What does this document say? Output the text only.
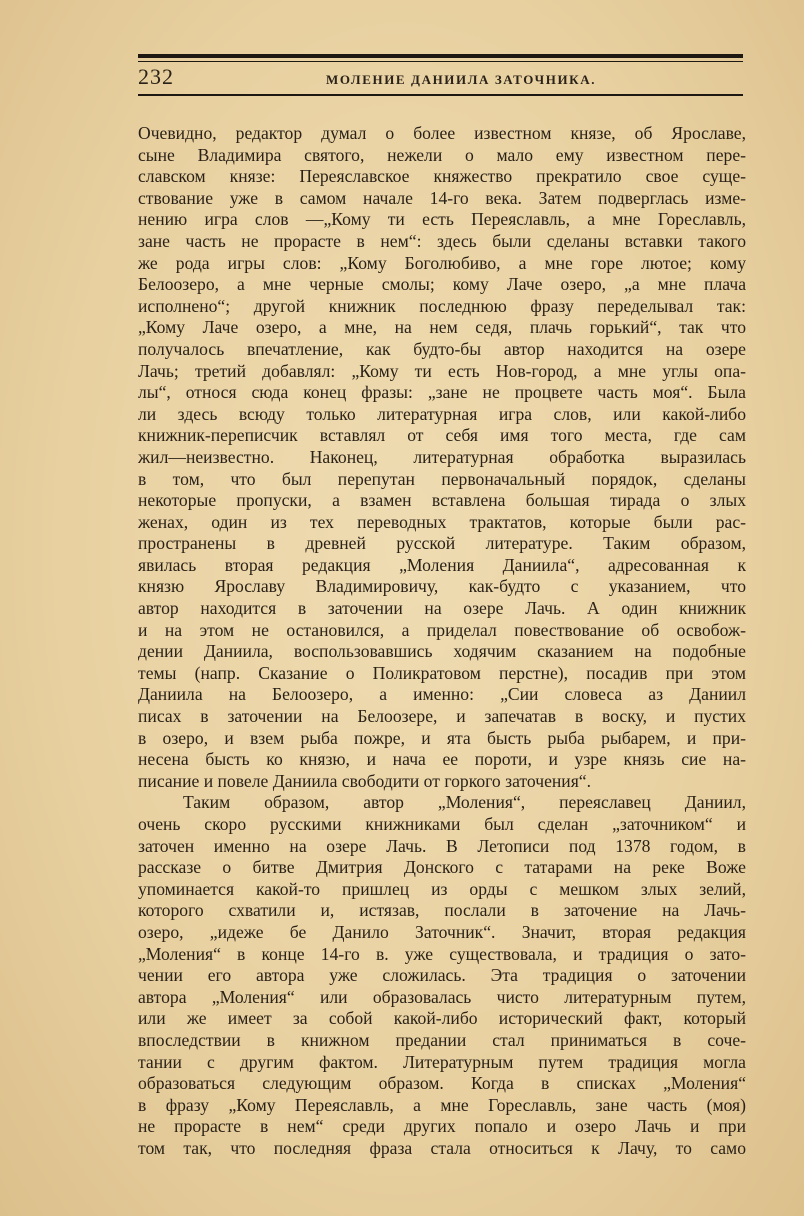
232	МОЛЕНИЕ ДАНИИЛА ЗАТОЧНИКА.
Очевидно, редактор думал о более известном князе, об Ярославе,
сыне Владимира святого, нежели о мало ему известном пере-
славском князе: Переяславское княжество прекратило свое суще-
ствование уже в самом начале 14-го века. Затем подверглась изме-
нению игра слов —„Кому ти есть Переяславль, а мне Гореславль,
зане часть не прорасте в нем“: здесь были сделаны вставки такого
же рода игры слов: „Кому Боголюбиво, а мне горе лютое; кому
Белоозеро, а мне черные смолы; кому Лаче озеро, „а мне плача
исполнено“; другой книжник последнюю фразу переделывал так:
„Кому Лаче озеро, а мне, на нем седя, плачь горький“, так что
получалось впечатление, как будто-бы автор находится на озере
Лачь; третий добавлял: „Кому ти есть Нов-город, а мне углы опа-
лы“, относя сюда конец фразы: „зане не процвете часть моя“. Была
ли здесь всюду только литературная игра слов, или какой-либо
книжник-переписчик вставлял от себя имя того места, где сам
жил—неизвестно. Наконец, литературная обработка выразилась
в том, что был перепутан первоначальный порядок, сделаны
некоторые пропуски, а взамен вставлена большая тирада о злых
женах, один из тех переводных трактатов, которые были рас-
пространены в древней русской литературе. Таким образом,
явилась вторая редакция „Моления Даниила“, адресованная к
князю Ярославу Владимировичу, как-будто с указанием, что
автор находится в заточении на озере Лачь. А один книжник
и на этом не остановился, а приделал повествование об освобож-
дении Даниила, воспользовавшись ходячим сказанием на подобные
темы (напр. Сказание о Поликратовом перстне), посадив при этом
Даниила на Белоозеро, а именно: „Сии словеса аз Даниил
писах в заточении на Белоозере, и запечатав в воску, и пустих
в озеро, и взем рыба пожре, и ята бысть рыба рыбарем, и при-
несена бысть ко князю, и нача ее пороти, и узре князь сие на-
писание и повеле Даниила свободити от горкого заточения“.
Таким образом, автор „Моления“, переяславец Даниил,
очень скоро русскими книжниками был сделан „заточником“ и
заточен именно на озере Лачь. В Летописи под 1378 годом, в
рассказе о битве Дмитрия Донского с татарами на реке Воже
упоминается какой-то пришлец из орды с мешком злых зелий,
которого схватили и, истязав, послали в заточение на Лачь-
озеро, „идеже бе Данило Заточник“. Значит, вторая редакция
„Моления“ в конце 14-го в. уже существовала, и традиция о зато-
чении его автора уже сложилась. Эта традиция о заточении
автора „Моления“ или образовалась чисто литературным путем,
или же имеет за собой какой-либо исторический факт, который
впоследствии в книжном предании стал приниматься в соче-
тании с другим фактом. Литературным путем традиция могла
образоваться следующим образом. Когда в списках „Моления“
в фразу „Кому Переяславль, а мне Гореславль, зане часть (моя)
не прорасте в нем“ среди других попало и озеро Лачь и при
том так, что последняя фраза стала относиться к Лачу, то само
